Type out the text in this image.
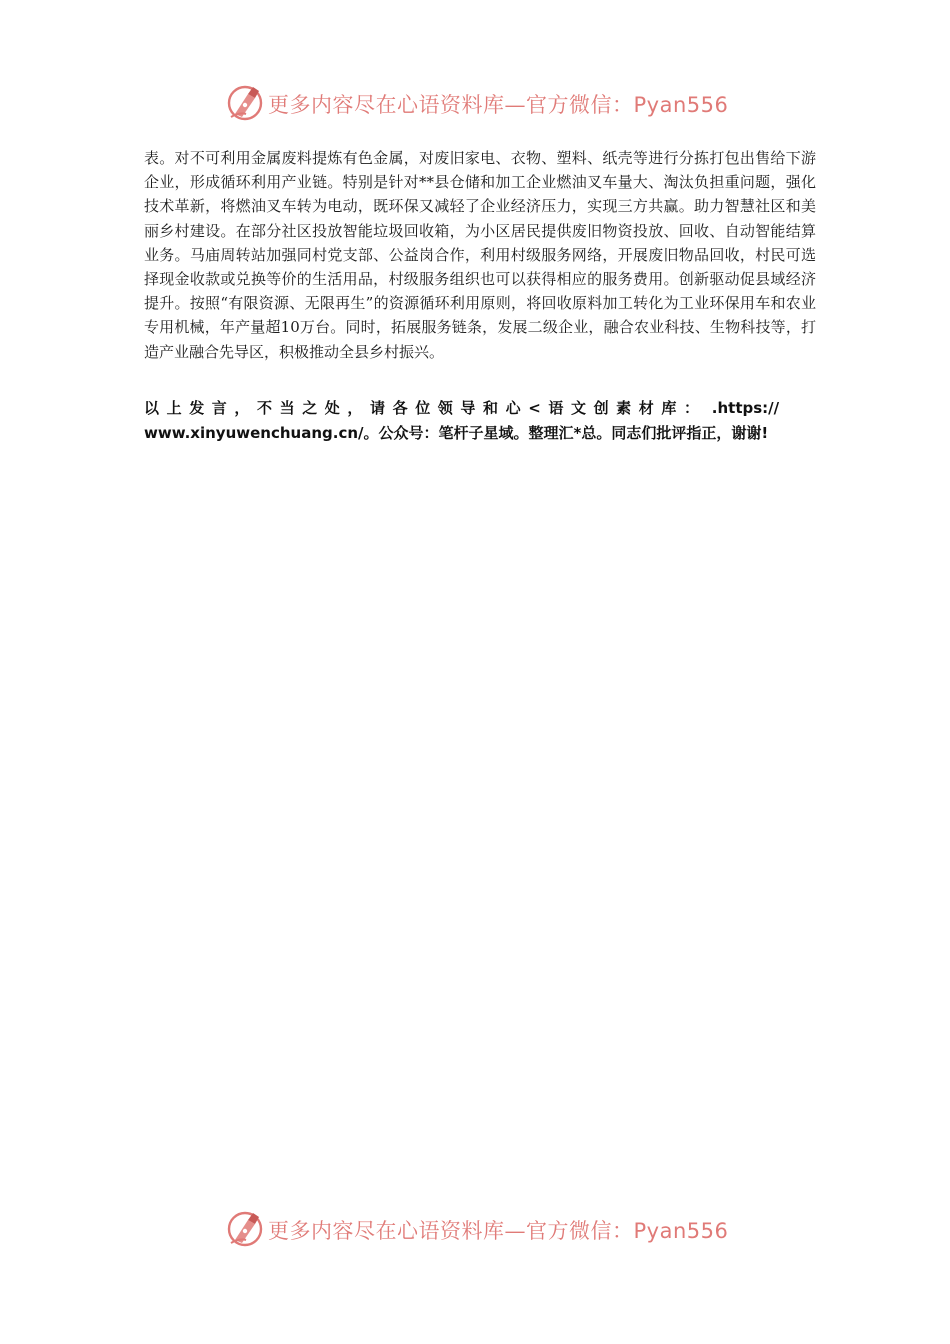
更多内容尽在心语资料库—官方微信：Pyan556

表。对不可利用金属废料提炼有色金属，对废旧家电、衣物、塑料、纸壳等进行分拣打包出售给下游企业，形成循环利用产业链。特别是针对**县仓储和加工企业燃油叉车量大、淘汰负担重问题，强化技术革新，将燃油叉车转为电动，既环保又减轻了企业经济压力，实现三方共赢。助力智慧社区和美丽乡村建设。在部分社区投放智能垃圾回收箱，为小区居民提供废旧物资投放、回收、自动智能结算业务。马庙周转站加强同村党支部、公益岗合作，利用村级服务网络，开展废旧物品回收，村民可选择现金收款或兑换等价的生活用品，村级服务组织也可以获得相应的服务费用。创新驱动促县域经济提升。按照“有限资源、无限再生”的资源循环利用原则，将回收原料加工转化为工业环保用车和农业专用机械，年产量超10万台。同时，拓展服务链条，发展二级企业，融合农业科技、生物科技等，打造产业融合先导区，积极推动全县乡村振兴。

以上发言，不当之处，请各位领导和心<语文创素材库： .https://
www.xinyuwenchuang.cn/。公众号：笔杆子星域。整理汇*总。同志们批评指正，谢谢!
更多内容尽在心语资料库—官方微信：Pyan556
